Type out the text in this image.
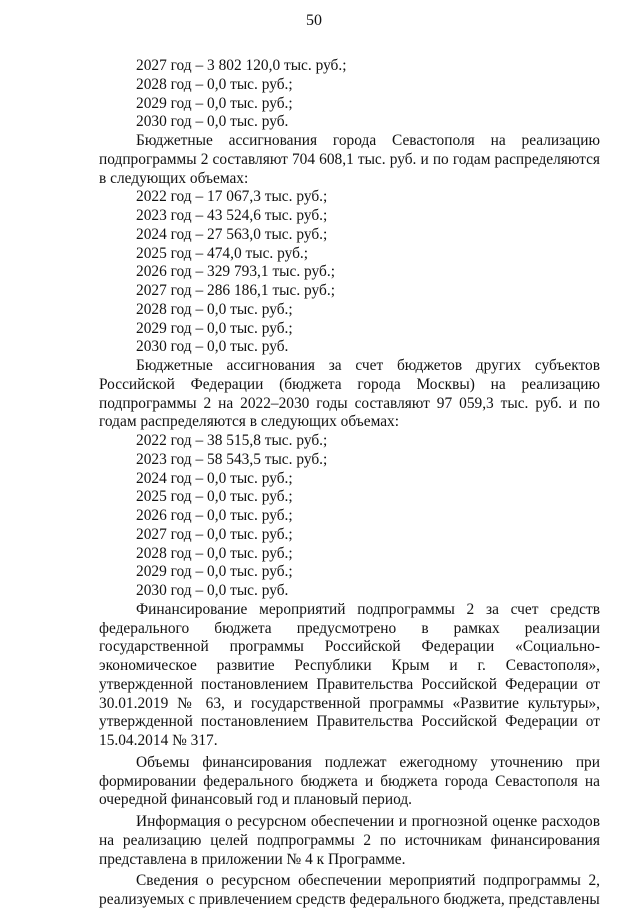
50

2027 год – 3 802 120,0 тыс. руб.;

2028 год – 0,0 тыс. руб.;

2029 год – 0,0 тыс. руб.;

2030 год – 0,0 тыс. руб.

Бюджетные ассигнования города Севастополя на реализацию подпрограммы 2 составляют 704 608,1 тыс. руб. и по годам распределяются в следующих объемах:

2022 год – 17 067,3 тыс. руб.;

2023 год – 43 524,6 тыс. руб.;

2024 год – 27 563,0 тыс. руб.;

2025 год – 474,0 тыс. руб.;

2026 год – 329 793,1 тыс. руб.;

2027 год – 286 186,1 тыс. руб.;

2028 год – 0,0 тыс. руб.;

2029 год – 0,0 тыс. руб.;

2030 год – 0,0 тыс. руб.

Бюджетные ассигнования за счет бюджетов других субъектов Российской Федерации (бюджета города Москвы) на реализацию подпрограммы 2 на 2022–2030 годы составляют 97 059,3 тыс. руб. и по годам распределяются в следующих объемах:

2022 год – 38 515,8 тыс. руб.;

2023 год – 58 543,5 тыс. руб.;

2024 год – 0,0 тыс. руб.;

2025 год – 0,0 тыс. руб.;

2026 год – 0,0 тыс. руб.;

2027 год – 0,0 тыс. руб.;

2028 год – 0,0 тыс. руб.;

2029 год – 0,0 тыс. руб.;

2030 год – 0,0 тыс. руб.

Финансирование мероприятий подпрограммы 2 за счет средств федерального бюджета предусмотрено в рамках реализации государственной программы Российской Федерации «Социально-экономическое развитие Республики Крым и г. Севастополя», утвержденной постановлением Правительства Российской Федерации от 30.01.2019 № 63, и государственной программы «Развитие культуры», утвержденной постановлением Правительства Российской Федерации от 15.04.2014 № 317.

Объемы финансирования подлежат ежегодному уточнению при формировании федерального бюджета и бюджета города Севастополя на очередной финансовый год и плановый период.

Информация о ресурсном обеспечении и прогнозной оценке расходов на реализацию целей подпрограммы 2 по источникам финансирования представлена в приложении № 4 к Программе.

Сведения о ресурсном обеспечении мероприятий подпрограммы 2, реализуемых с привлечением средств федерального бюджета, представлены
